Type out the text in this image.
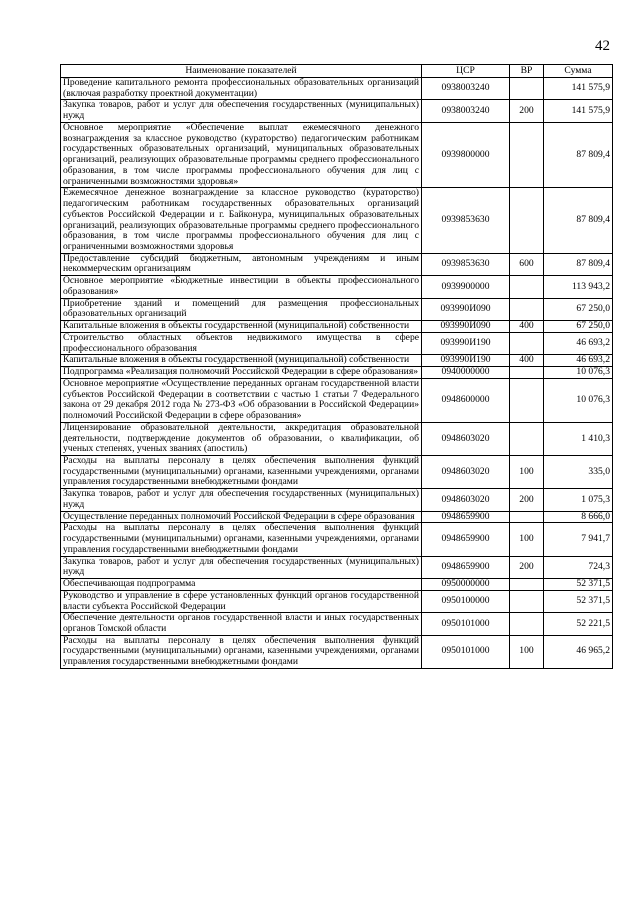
42
Наименование показателей	ЦСР	ВР	Сумма
Проведение капитального ремонта профессиональных образовательных организаций (включая разработку проектной документации)	0938003240		141 575,9
Закупка товаров, работ и услуг для обеспечения государственных (муниципальных) нужд	0938003240	200	141 575,9
Основное мероприятие «Обеспечение выплат ежемесячного денежного вознаграждения за классное руководство (кураторство) педагогическим работникам государственных образовательных организаций, муниципальных образовательных организаций, реализующих образовательные программы среднего профессионального образования, в том числе программы профессионального обучения для лиц с ограниченными возможностями здоровья»	0939800000		87 809,4
Ежемесячное денежное вознаграждение за классное руководство (кураторство) педагогическим работникам государственных образовательных организаций субъектов Российской Федерации и г. Байконура, муниципальных образовательных организаций, реализующих образовательные программы среднего профессионального образования, в том числе программы профессионального обучения для лиц с ограниченными возможностями здоровья	0939853630		87 809,4
Предоставление субсидий бюджетным, автономным учреждениям и иным некоммерческим организациям	0939853630	600	87 809,4
Основное мероприятие «Бюджетные инвестиции в объекты профессионального образования»	0939900000		113 943,2
Приобретение зданий и помещений для размещения профессиональных образовательных организаций	093990И090		67 250,0
Капитальные вложения в объекты государственной (муниципальной) собственности	093990И090	400	67 250,0
Строительство областных объектов недвижимого имущества в сфере профессионального образования	093990И190		46 693,2
Капитальные вложения в объекты государственной (муниципальной) собственности	093990И190	400	46 693,2
Подпрограмма «Реализация полномочий Российской Федерации в сфере образования»	0940000000		10 076,3
Основное мероприятие «Осуществление переданных органам государственной власти субъектов Российской Федерации в соответствии с частью 1 статьи 7 Федерального закона от 29 декабря 2012 года № 273-ФЗ «Об образовании в Российской Федерации» полномочий Российской Федерации в сфере образования»	0948600000		10 076,3
Лицензирование образовательной деятельности, аккредитация образовательной деятельности, подтверждение документов об образовании, о квалификации, об ученых степенях, ученых званиях (апостиль)	0948603020		1 410,3
Расходы на выплаты персоналу в целях обеспечения выполнения функций государственными (муниципальными) органами, казенными учреждениями, органами управления государственными внебюджетными фондами	0948603020	100	335,0
Закупка товаров, работ и услуг для обеспечения государственных (муниципальных) нужд	0948603020	200	1 075,3
Осуществление переданных полномочий Российской Федерации в сфере образования	0948659900		8 666,0
Расходы на выплаты персоналу в целях обеспечения выполнения функций государственными (муниципальными) органами, казенными учреждениями, органами управления государственными внебюджетными фондами	0948659900	100	7 941,7
Закупка товаров, работ и услуг для обеспечения государственных (муниципальных) нужд	0948659900	200	724,3
Обеспечивающая подпрограмма	0950000000		52 371,5
Руководство и управление в сфере установленных функций органов государственной власти субъекта Российской Федерации	0950100000		52 371,5
Обеспечение деятельности органов государственной власти и иных государственных органов Томской области	0950101000		52 221,5
Расходы на выплаты персоналу в целях обеспечения выполнения функций государственными (муниципальными) органами, казенными учреждениями, органами управления государственными внебюджетными фондами	0950101000	100	46 965,2
